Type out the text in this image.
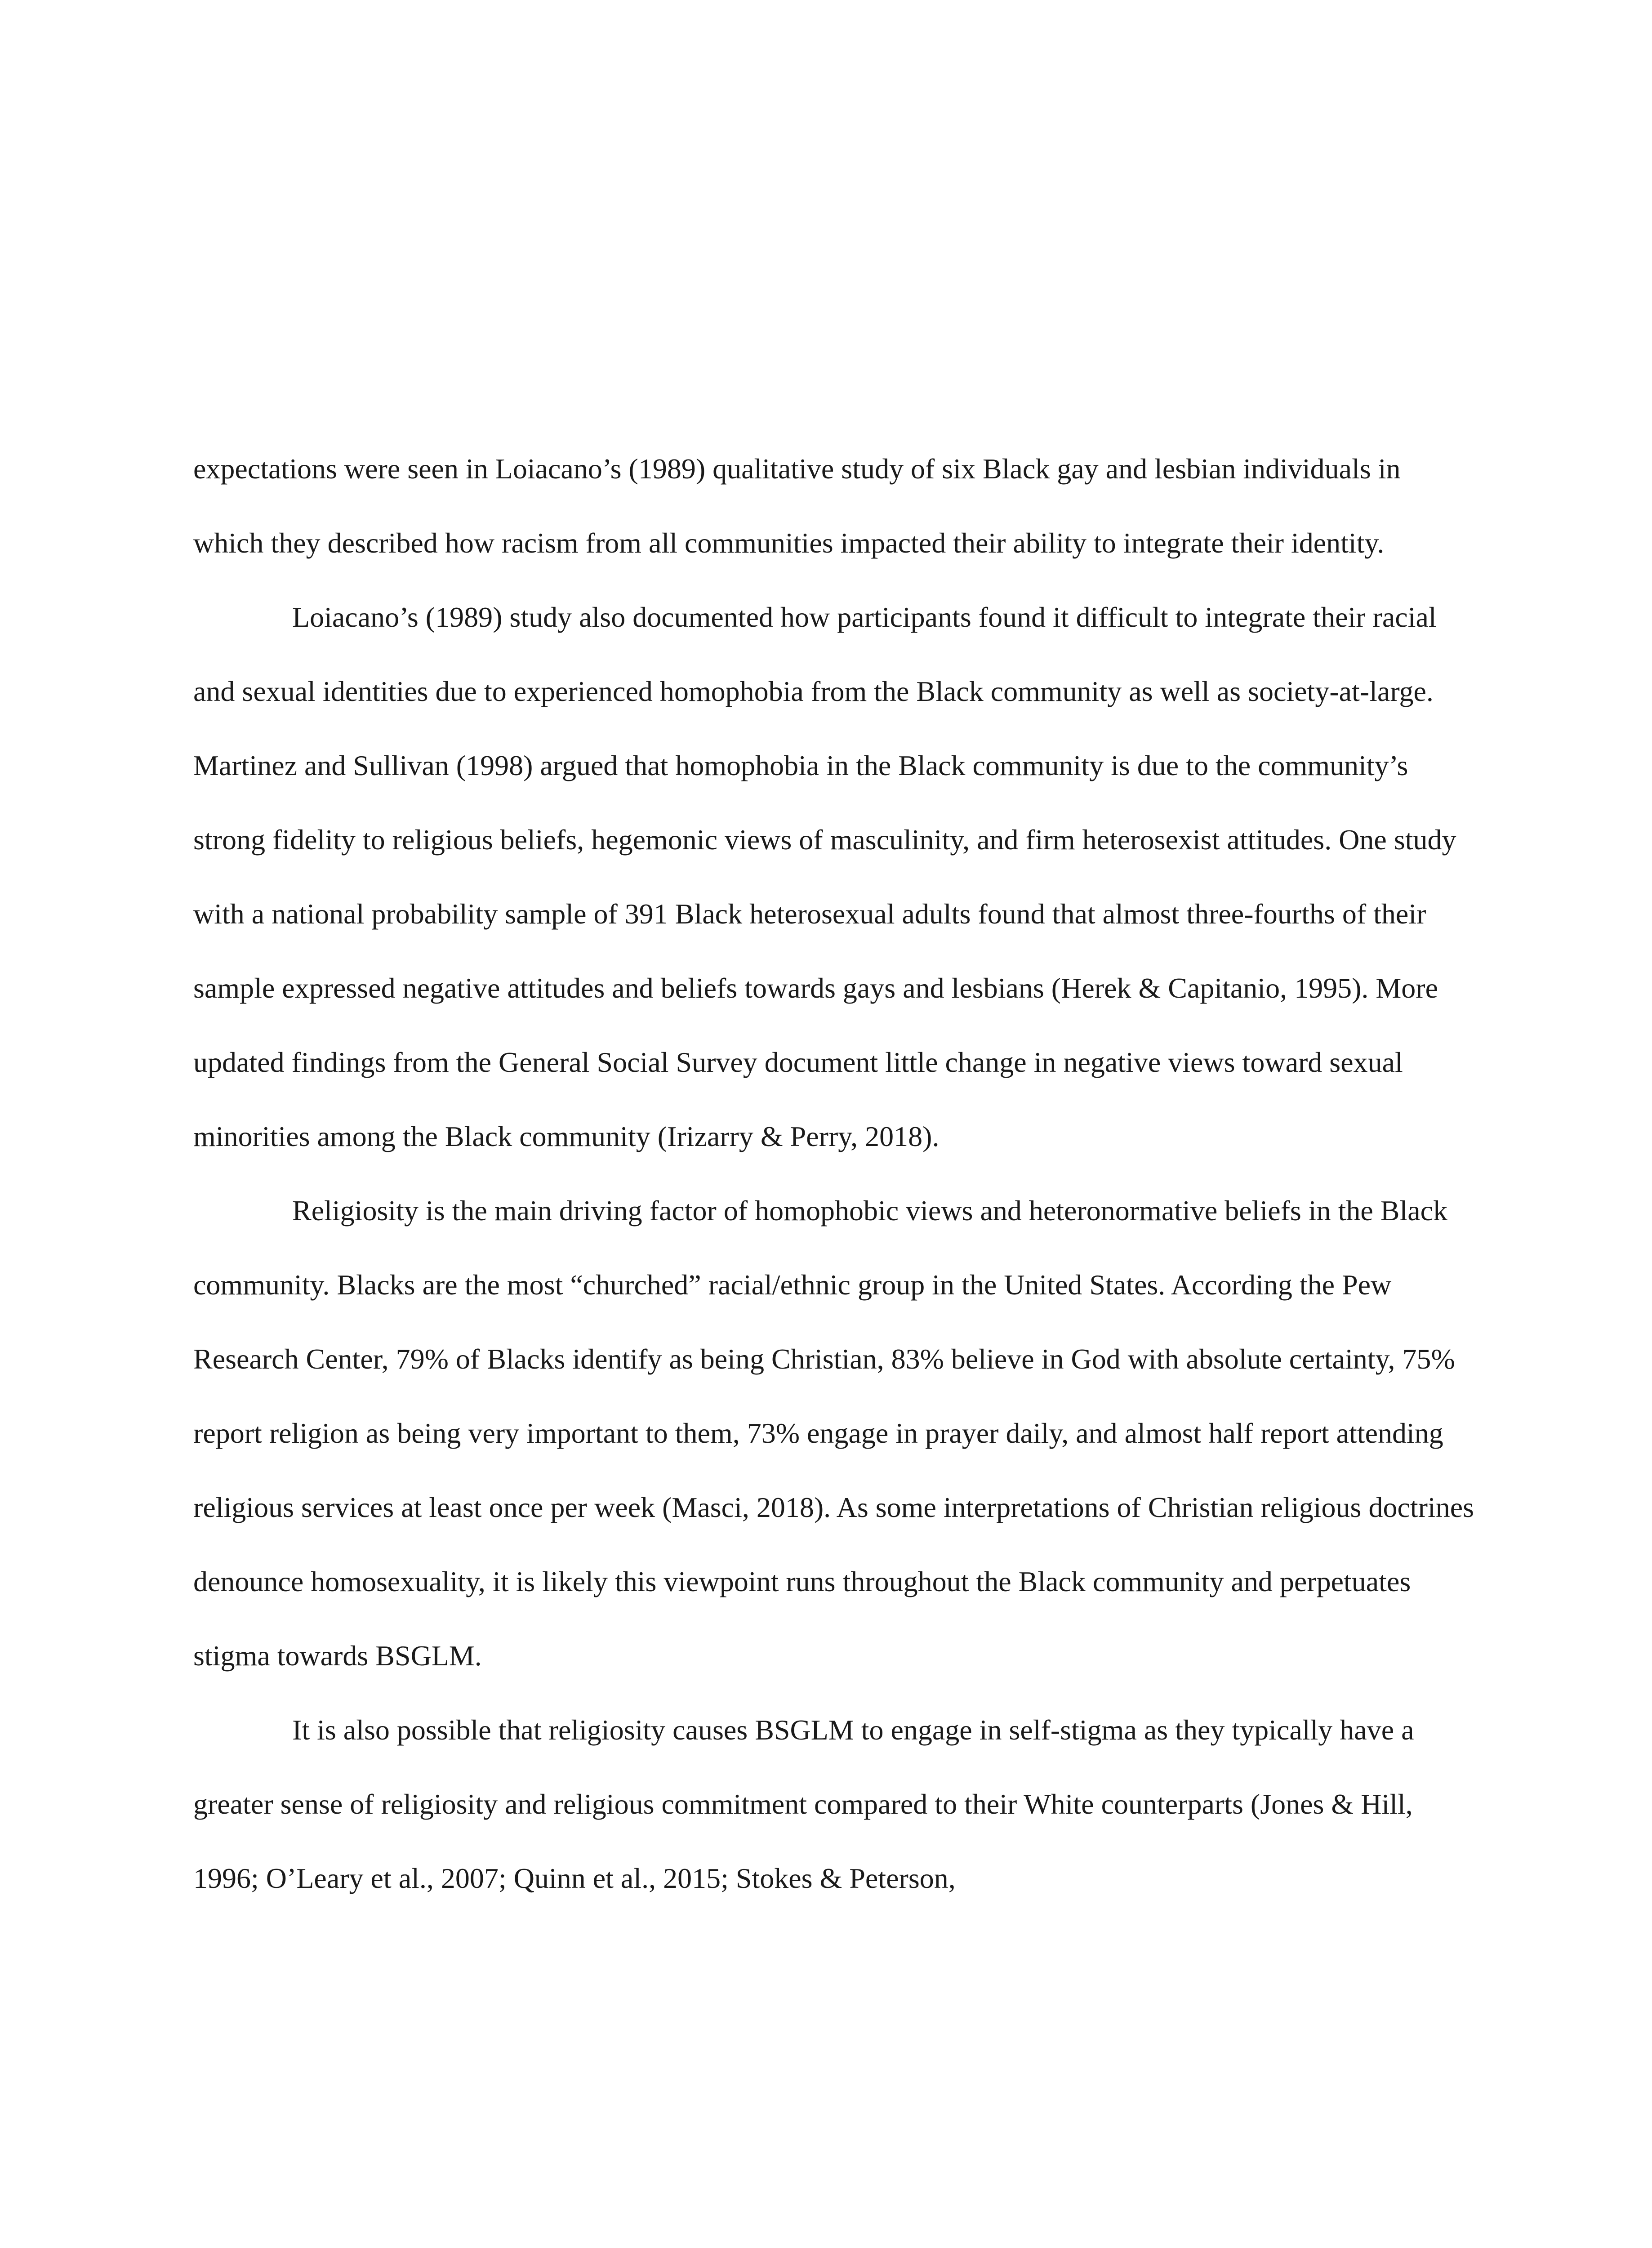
expectations were seen in Loiacano’s (1989) qualitative study of six Black gay and lesbian individuals in which they described how racism from all communities impacted their ability to integrate their identity.

Loiacano’s (1989) study also documented how participants found it difficult to integrate their racial and sexual identities due to experienced homophobia from the Black community as well as society-at-large. Martinez and Sullivan (1998) argued that homophobia in the Black community is due to the community’s strong fidelity to religious beliefs, hegemonic views of masculinity, and firm heterosexist attitudes. One study with a national probability sample of 391 Black heterosexual adults found that almost three-fourths of their sample expressed negative attitudes and beliefs towards gays and lesbians (Herek & Capitanio, 1995). More updated findings from the General Social Survey document little change in negative views toward sexual minorities among the Black community (Irizarry & Perry, 2018).

Religiosity is the main driving factor of homophobic views and heteronormative beliefs in the Black community. Blacks are the most “churched” racial/ethnic group in the United States. According the Pew Research Center, 79% of Blacks identify as being Christian, 83% believe in God with absolute certainty, 75% report religion as being very important to them, 73% engage in prayer daily, and almost half report attending religious services at least once per week (Masci, 2018). As some interpretations of Christian religious doctrines denounce homosexuality, it is likely this viewpoint runs throughout the Black community and perpetuates stigma towards BSGLM.

It is also possible that religiosity causes BSGLM to engage in self-stigma as they typically have a greater sense of religiosity and religious commitment compared to their White counterparts (Jones & Hill, 1996; O’Leary et al., 2007; Quinn et al., 2015; Stokes & Peterson,
